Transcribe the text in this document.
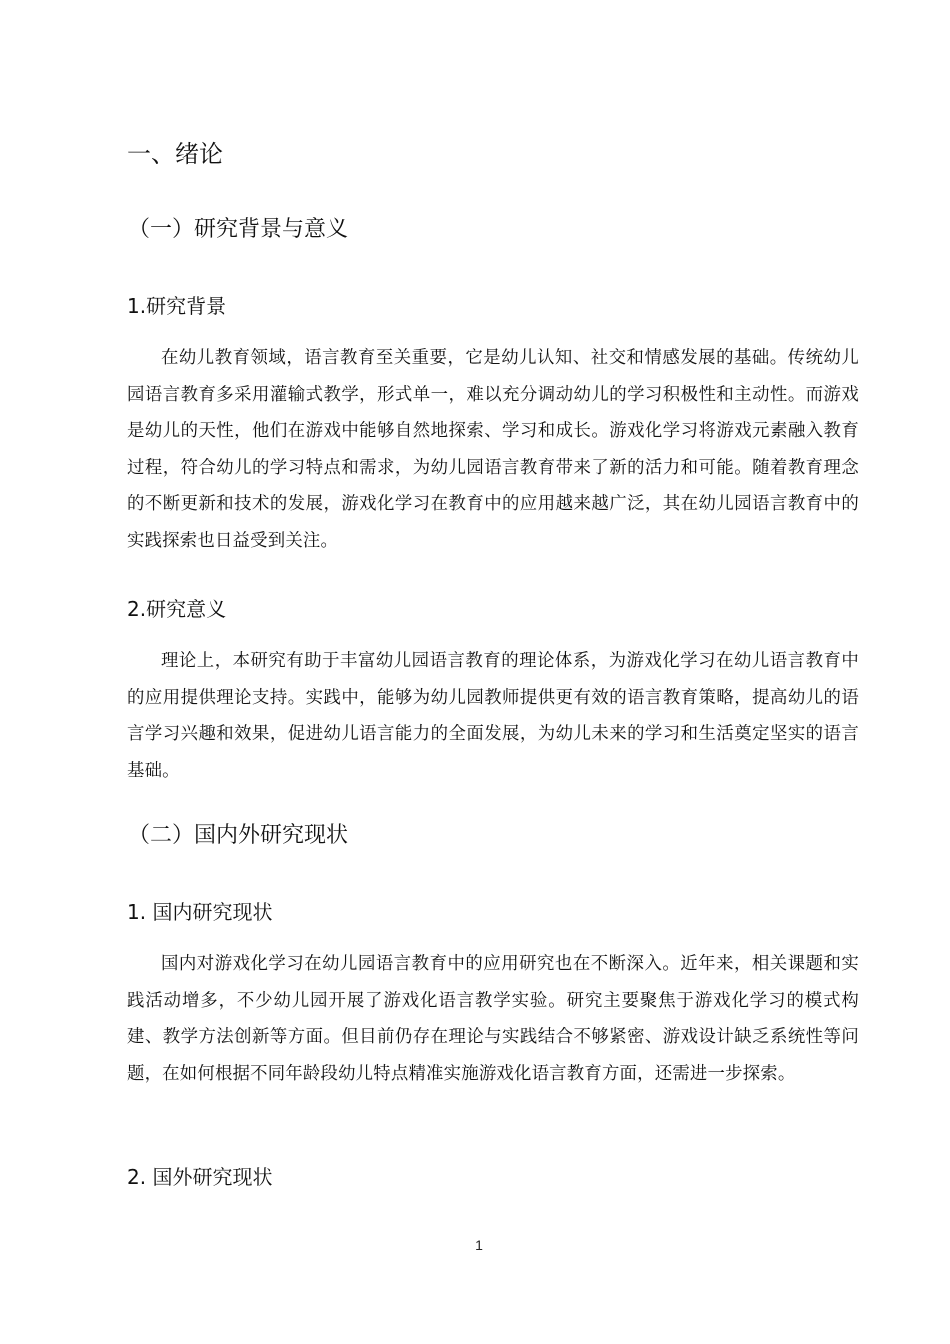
一、绪论
（一）研究背景与意义
1.研究背景

在幼儿教育领域，语言教育至关重要，它是幼儿认知、社交和情感发展的基础。传统幼儿园语言教育多采用灌输式教学，形式单一，难以充分调动幼儿的学习积极性和主动性。而游戏是幼儿的天性，他们在游戏中能够自然地探索、学习和成长。游戏化学习将游戏元素融入教育过程，符合幼儿的学习特点和需求，为幼儿园语言教育带来了新的活力和可能。随着教育理念的不断更新和技术的发展，游戏化学习在教育中的应用越来越广泛，其在幼儿园语言教育中的实践探索也日益受到关注。

2.研究意义

理论上，本研究有助于丰富幼儿园语言教育的理论体系，为游戏化学习在幼儿语言教育中的应用提供理论支持。实践中，能够为幼儿园教师提供更有效的语言教育策略，提高幼儿的语言学习兴趣和效果，促进幼儿语言能力的全面发展，为幼儿未来的学习和生活奠定坚实的语言基础。

（二）国内外研究现状
1. 国内研究现状

国内对游戏化学习在幼儿园语言教育中的应用研究也在不断深入。近年来，相关课题和实践活动增多，不少幼儿园开展了游戏化语言教学实验。研究主要聚焦于游戏化学习的模式构建、教学方法创新等方面。但目前仍存在理论与实践结合不够紧密、游戏设计缺乏系统性等问题，在如何根据不同年龄段幼儿特点精准实施游戏化语言教育方面，还需进一步探索。

2. 国外研究现状
1
